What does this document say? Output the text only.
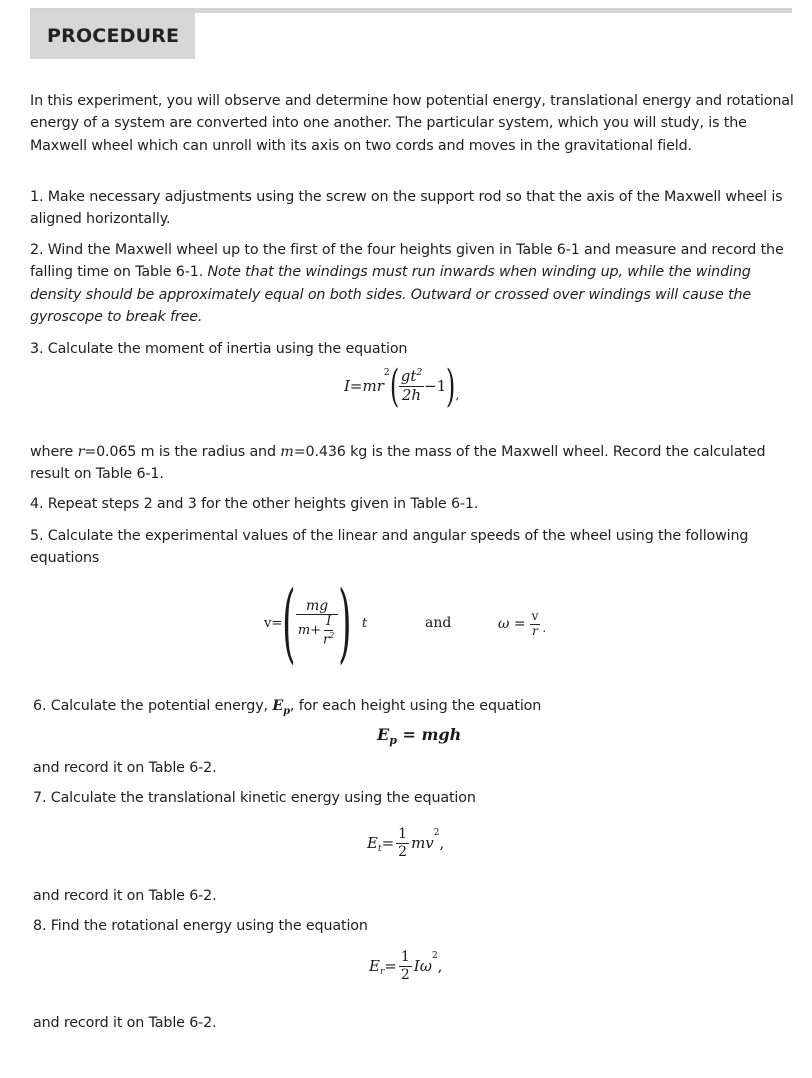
PROCEDURE
In this experiment, you will observe and determine how potential energy, translational energy and rotational energy of a system are converted into one another. The particular system, which you will study, is the Maxwell wheel which can unroll with its axis on two cords and moves in the gravitational field.
1. Make necessary adjustments using the screw on the support rod so that the axis of the Maxwell wheel is aligned horizontally.
2. Wind the Maxwell wheel up to the first of the four heights given in Table 6-1 and measure and record the falling time on Table 6-1. Note that the windings must run inwards when winding up, while the winding density should be approximately equal on both sides. Outward or crossed over windings will cause the gyroscope to break free.
3. Calculate the moment of inertia using the equation
I=mr
$^2$ ( $\frac{gt^2}{2h} -1$ ) ,
where r=0.065 m is the radius and m=0.436 kg is the mass of the Maxwell wheel. Record the calculated result on Table 6-1.
4. Repeat steps 2 and 3 for the other heights given in Table 6-1.
5. Calculate the experimental values of the linear and angular speeds of the wheel using the following equations
v= ( $\frac{mg}{m+ \frac{I}{r^2}}$ ) t	and	$\omega = \frac{v}{r}$ .
6. Calculate the potential energy, $E_p$, for each height using the equation
$E_p$ = mgh
and record it on Table 6-2.
7. Calculate the translational kinetic energy using the equation
$E_t = \frac{1}{2}$ mv
$^2$
,
and record it on Table 6-2.
8. Find the rotational energy using the equation
$E_r = \frac{1}{2}$ Iω
$^2$
,
and record it on Table 6-2.
